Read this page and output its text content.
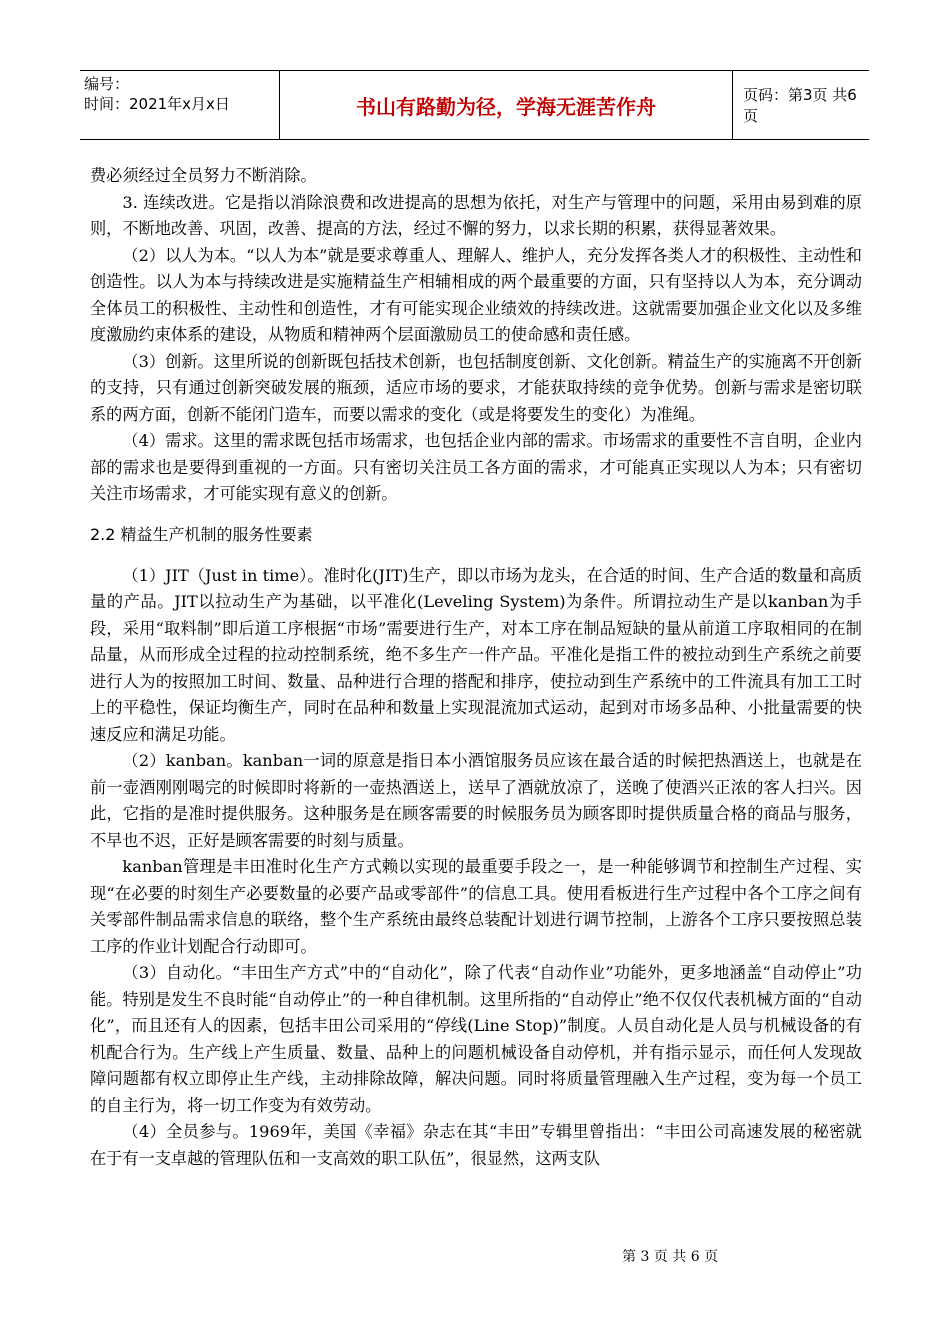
编号：
时间：2021年x月x日	书山有路勤为径，学海无涯苦作舟	页码：第3页 共6页

费必须经过全员努力不断消除。

3. 连续改进。它是指以消除浪费和改进提高的思想为依托，对生产与管理中的问题，采用由易到难的原则，不断地改善、巩固，改善、提高的方法，经过不懈的努力，以求长期的积累，获得显著效果。

（2）以人为本。“以人为本”就是要求尊重人、理解人、维护人，充分发挥各类人才的积极性、主动性和创造性。以人为本与持续改进是实施精益生产相辅相成的两个最重要的方面，只有坚持以人为本，充分调动全体员工的积极性、主动性和创造性，才有可能实现企业绩效的持续改进。这就需要加强企业文化以及多维度激励约束体系的建设，从物质和精神两个层面激励员工的使命感和责任感。

（3）创新。这里所说的创新既包括技术创新，也包括制度创新、文化创新。精益生产的实施离不开创新的支持，只有通过创新突破发展的瓶颈，适应市场的要求，才能获取持续的竞争优势。创新与需求是密切联系的两方面，创新不能闭门造车，而要以需求的变化（或是将要发生的变化）为准绳。

（4）需求。这里的需求既包括市场需求，也包括企业内部的需求。市场需求的重要性不言自明，企业内部的需求也是要得到重视的一方面。只有密切关注员工各方面的需求，才可能真正实现以人为本；只有密切关注市场需求，才可能实现有意义的创新。

2.2 精益生产机制的服务性要素

（1）JIT（Just in time）。准时化(JIT)生产，即以市场为龙头，在合适的时间、生产合适的数量和高质量的产品。JIT以拉动生产为基础，以平准化(Leveling System)为条件。所谓拉动生产是以kanban为手段，采用“取料制”即后道工序根据“市场”需要进行生产，对本工序在制品短缺的量从前道工序取相同的在制品量，从而形成全过程的拉动控制系统，绝不多生产一件产品。平准化是指工件的被拉动到生产系统之前要进行人为的按照加工时间、数量、品种进行合理的搭配和排序，使拉动到生产系统中的工件流具有加工工时上的平稳性，保证均衡生产，同时在品种和数量上实现混流加式运动，起到对市场多品种、小批量需要的快速反应和满足功能。

（2）kanban。kanban一词的原意是指日本小酒馆服务员应该在最合适的时候把热酒送上，也就是在前一壶酒刚刚喝完的时候即时将新的一壶热酒送上，送早了酒就放凉了，送晚了使酒兴正浓的客人扫兴。因此，它指的是准时提供服务。这种服务是在顾客需要的时候服务员为顾客即时提供质量合格的商品与服务，不早也不迟，正好是顾客需要的时刻与质量。

kanban管理是丰田准时化生产方式赖以实现的最重要手段之一，是一种能够调节和控制生产过程、实现“在必要的时刻生产必要数量的必要产品或零部件”的信息工具。使用看板进行生产过程中各个工序之间有关零部件制品需求信息的联络，整个生产系统由最终总装配计划进行调节控制，上游各个工序只要按照总装工序的作业计划配合行动即可。

（3）自动化。“丰田生产方式”中的“自动化”，除了代表“自动作业”功能外，更多地涵盖“自动停止”功能。特别是发生不良时能“自动停止”的一种自律机制。这里所指的“自动停止”绝不仅仅代表机械方面的“自动化”，而且还有人的因素，包括丰田公司采用的“停线(Line Stop)”制度。人员自动化是人员与机械设备的有机配合行为。生产线上产生质量、数量、品种上的问题机械设备自动停机，并有指示显示，而任何人发现故障问题都有权立即停止生产线，主动排除故障，解决问题。同时将质量管理融入生产过程，变为每一个员工的自主行为，将一切工作变为有效劳动。

（4）全员参与。1969年，美国《幸福》杂志在其“丰田”专辑里曾指出：“丰田公司高速发展的秘密就在于有一支卓越的管理队伍和一支高效的职工队伍”，很显然，这两支队

第 3 页 共 6 页
